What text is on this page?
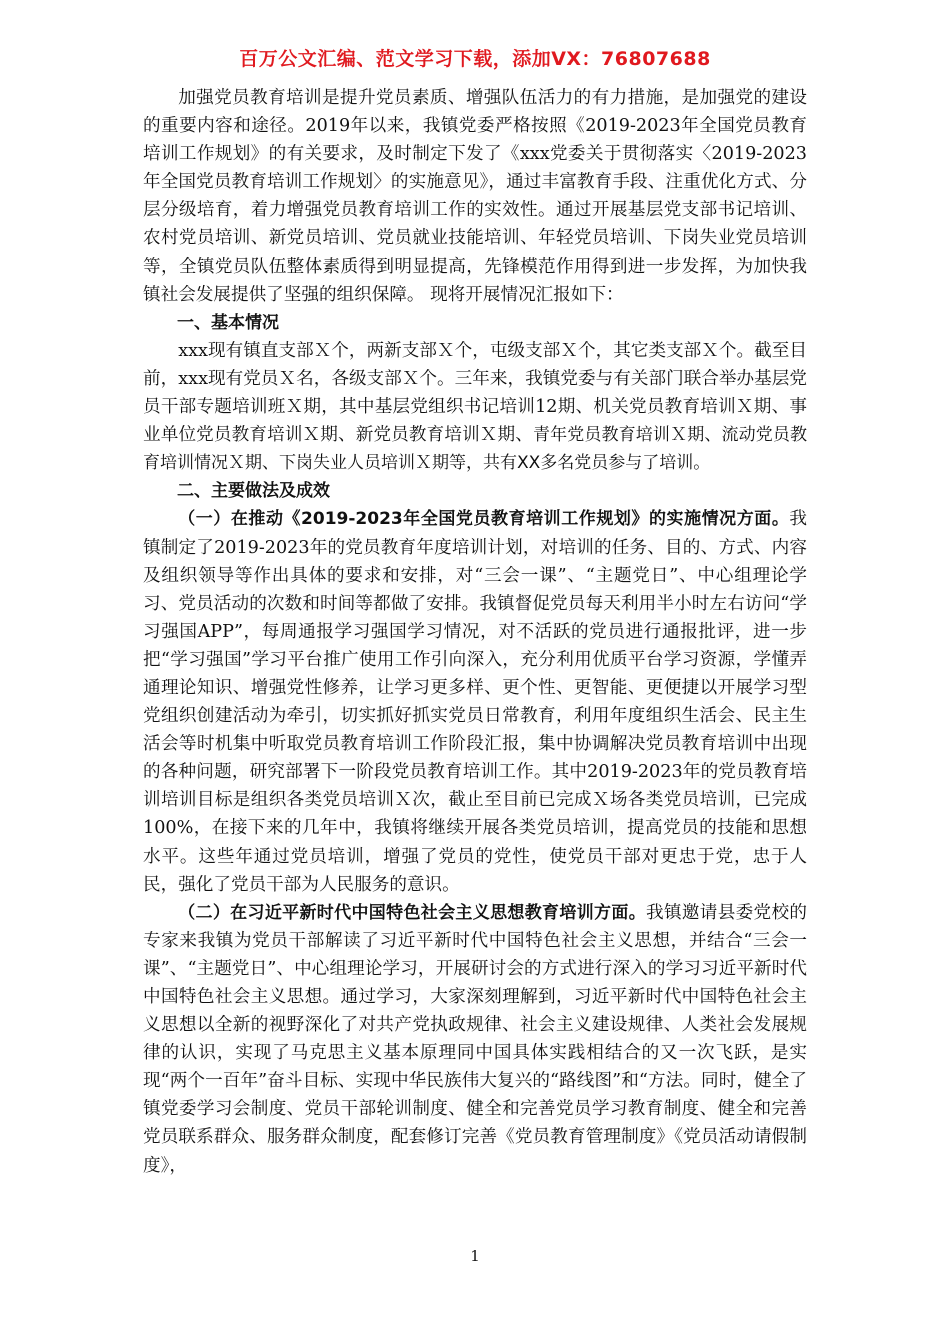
百万公文汇编、范文学习下载，添加VX：76807688

加强党员教育培训是提升党员素质、增强队伍活力的有力措施，是加强党的建设的重要内容和途径。2019年以来，我镇党委严格按照《2019-2023年全国党员教育培训工作规划》的有关要求，及时制定下发了《xxx党委关于贯彻落实〈2019-2023年全国党员教育培训工作规划〉的实施意见》，通过丰富教育手段、注重优化方式、分层分级培育，着力增强党员教育培训工作的实效性。通过开展基层党支部书记培训、农村党员培训、新党员培训、党员就业技能培训、年轻党员培训、下岗失业党员培训等，全镇党员队伍整体素质得到明显提高，先锋模范作用得到进一步发挥，为加快我镇社会发展提供了坚强的组织保障。 现将开展情况汇报如下：

一、基本情况

xxx现有镇直支部Ｘ个，两新支部Ｘ个，屯级支部Ｘ个，其它类支部Ｘ个。截至目前，xxx现有党员Ｘ名，各级支部Ｘ个。三年来，我镇党委与有关部门联合举办基层党员干部专题培训班Ｘ期，其中基层党组织书记培训12期、机关党员教育培训Ｘ期、事业单位党员教育培训Ｘ期、新党员教育培训Ｘ期、青年党员教育培训Ｘ期、流动党员教育培训情况Ｘ期、下岗失业人员培训Ｘ期等，共有XX多名党员参与了培训。

二、主要做法及成效

（一）在推动《2019-2023年全国党员教育培训工作规划》的实施情况方面。我镇制定了2019-2023年的党员教育年度培训计划，对培训的任务、目的、方式、内容及组织领导等作出具体的要求和安排，对“三会一课”、“主题党日”、中心组理论学习、党员活动的次数和时间等都做了安排。我镇督促党员每天利用半小时左右访问“学习强国APP”，每周通报学习强国学习情况，对不活跃的党员进行通报批评，进一步把“学习强国”学习平台推广使用工作引向深入，充分利用优质平台学习资源，学懂弄通理论知识、增强党性修养，让学习更多样、更个性、更智能、更便捷以开展学习型党组织创建活动为牵引，切实抓好抓实党员日常教育，利用年度组织生活会、民主生活会等时机集中听取党员教育培训工作阶段汇报，集中协调解决党员教育培训中出现的各种问题，研究部署下一阶段党员教育培训工作。其中2019-2023年的党员教育培训培训目标是组织各类党员培训Ｘ次，截止至目前已完成Ｘ场各类党员培训，已完成100%，在接下来的几年中，我镇将继续开展各类党员培训，提高党员的技能和思想水平。这些年通过党员培训，增强了党员的党性，使党员干部对更忠于党，忠于人民，强化了党员干部为人民服务的意识。

（二）在习近平新时代中国特色社会主义思想教育培训方面。我镇邀请县委党校的专家来我镇为党员干部解读了习近平新时代中国特色社会主义思想，并结合“三会一课”、“主题党日”、中心组理论学习，开展研讨会的方式进行深入的学习习近平新时代中国特色社会主义思想。通过学习，大家深刻理解到，习近平新时代中国特色社会主义思想以全新的视野深化了对共产党执政规律、社会主义建设规律、人类社会发展规律的认识，实现了马克思主义基本原理同中国具体实践相结合的又一次飞跃，是实现“两个一百年”奋斗目标、实现中华民族伟大复兴的“路线图”和“方法。同时，健全了镇党委学习会制度、党员干部轮训制度、健全和完善党员学习教育制度、健全和完善党员联系群众、服务群众制度，配套修订完善《党员教育管理制度》《党员活动请假制度》，

1
